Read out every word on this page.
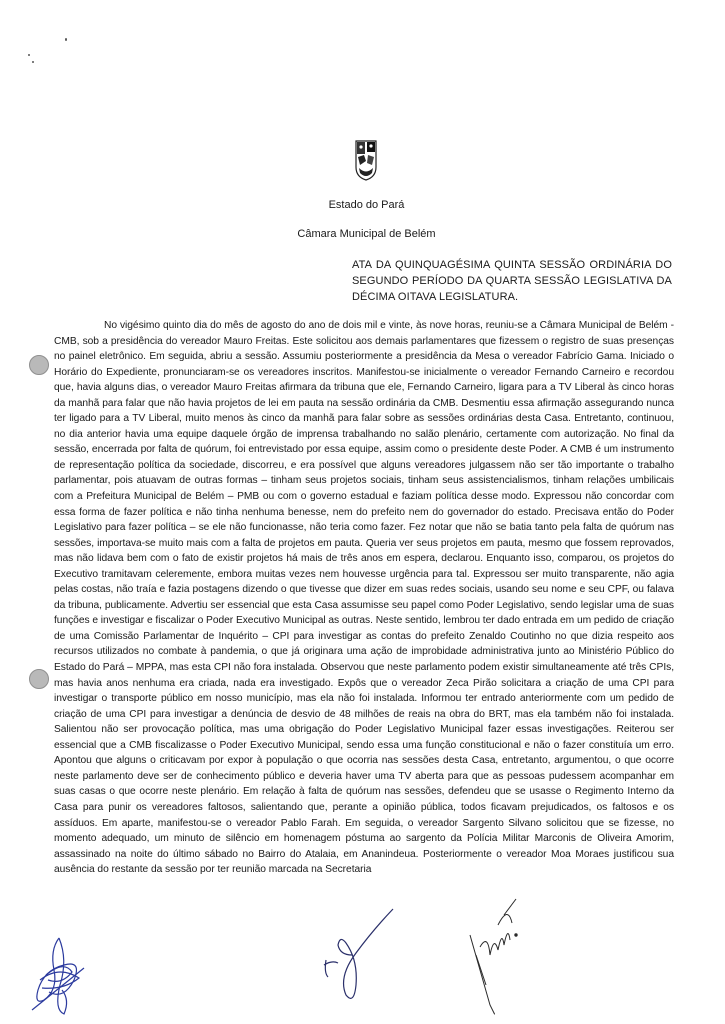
Estado do Pará
Câmara Municipal de Belém
ATA DA QUINQUAGÉSIMA QUINTA SESSÃO ORDINÁRIA DO SEGUNDO PERÍODO DA QUARTA SESSÃO LEGISLATIVA DA DÉCIMA OITAVA LEGISLATURA.

No vigésimo quinto dia do mês de agosto do ano de dois mil e vinte, às nove horas, reuniu-se a Câmara Municipal de Belém - CMB, sob a presidência do vereador Mauro Freitas. Este solicitou aos demais parlamentares que fizessem o registro de suas presenças no painel eletrônico. Em seguida, abriu a sessão. Assumiu posteriormente a presidência da Mesa o vereador Fabrício Gama. Iniciado o Horário do Expediente, pronunciaram-se os vereadores inscritos. Manifestou-se inicialmente o vereador Fernando Carneiro e recordou que, havia alguns dias, o vereador Mauro Freitas afirmara da tribuna que ele, Fernando Carneiro, ligara para a TV Liberal às cinco horas da manhã para falar que não havia projetos de lei em pauta na sessão ordinária da CMB. Desmentiu essa afirmação assegurando nunca ter ligado para a TV Liberal, muito menos às cinco da manhã para falar sobre as sessões ordinárias desta Casa. Entretanto, continuou, no dia anterior havia uma equipe daquele órgão de imprensa trabalhando no salão plenário, certamente com autorização. No final da sessão, encerrada por falta de quórum, foi entrevistado por essa equipe, assim como o presidente deste Poder. A CMB é um instrumento de representação política da sociedade, discorreu, e era possível que alguns vereadores julgassem não ser tão importante o trabalho parlamentar, pois atuavam de outras formas – tinham seus projetos sociais, tinham seus assistencialismos, tinham relações umbilicais com a Prefeitura Municipal de Belém – PMB ou com o governo estadual e faziam política desse modo. Expressou não concordar com essa forma de fazer política e não tinha nenhuma benesse, nem do prefeito nem do governador do estado. Precisava então do Poder Legislativo para fazer política – se ele não funcionasse, não teria como fazer. Fez notar que não se batia tanto pela falta de quórum nas sessões, importava-se muito mais com a falta de projetos em pauta. Queria ver seus projetos em pauta, mesmo que fossem reprovados, mas não lidava bem com o fato de existir projetos há mais de três anos em espera, declarou. Enquanto isso, comparou, os projetos do Executivo tramitavam celeremente, embora muitas vezes nem houvesse urgência para tal. Expressou ser muito transparente, não agia pelas costas, não traía e fazia postagens dizendo o que tivesse que dizer em suas redes sociais, usando seu nome e seu CPF, ou falava da tribuna, publicamente. Advertiu ser essencial que esta Casa assumisse seu papel como Poder Legislativo, sendo legislar uma de suas funções e investigar e fiscalizar o Poder Executivo Municipal as outras. Neste sentido, lembrou ter dado entrada em um pedido de criação de uma Comissão Parlamentar de Inquérito – CPI para investigar as contas do prefeito Zenaldo Coutinho no que dizia respeito aos recursos utilizados no combate à pandemia, o que já originara uma ação de improbidade administrativa junto ao Ministério Público do Estado do Pará – MPPA, mas esta CPI não fora instalada. Observou que neste parlamento podem existir simultaneamente até três CPIs, mas havia anos nenhuma era criada, nada era investigado. Expôs que o vereador Zeca Pirão solicitara a criação de uma CPI para investigar o transporte público em nosso município, mas ela não foi instalada. Informou ter entrado anteriormente com um pedido de criação de uma CPI para investigar a denúncia de desvio de 48 milhões de reais na obra do BRT, mas ela também não foi instalada. Salientou não ser provocação política, mas uma obrigação do Poder Legislativo Municipal fazer essas investigações. Reiterou ser essencial que a CMB fiscalizasse o Poder Executivo Municipal, sendo essa uma função constitucional e não o fazer constituía um erro. Apontou que alguns o criticavam por expor à população o que ocorria nas sessões desta Casa, entretanto, argumentou, o que ocorre neste parlamento deve ser de conhecimento público e deveria haver uma TV aberta para que as pessoas pudessem acompanhar em suas casas o que ocorre neste plenário. Em relação à falta de quórum nas sessões, defendeu que se usasse o Regimento Interno da Casa para punir os vereadores faltosos, salientando que, perante a opinião pública, todos ficavam prejudicados, os faltosos e os assíduos. Em aparte, manifestou-se o vereador Pablo Farah. Em seguida, o vereador Sargento Silvano solicitou que se fizesse, no momento adequado, um minuto de silêncio em homenagem póstuma ao sargento da Polícia Militar Marconis de Oliveira Amorim, assassinado na noite do último sábado no Bairro do Atalaia, em Ananindeua. Posteriormente o vereador Moa Moraes justificou sua ausência do restante da sessão por ter reunião marcada na Secretaria
